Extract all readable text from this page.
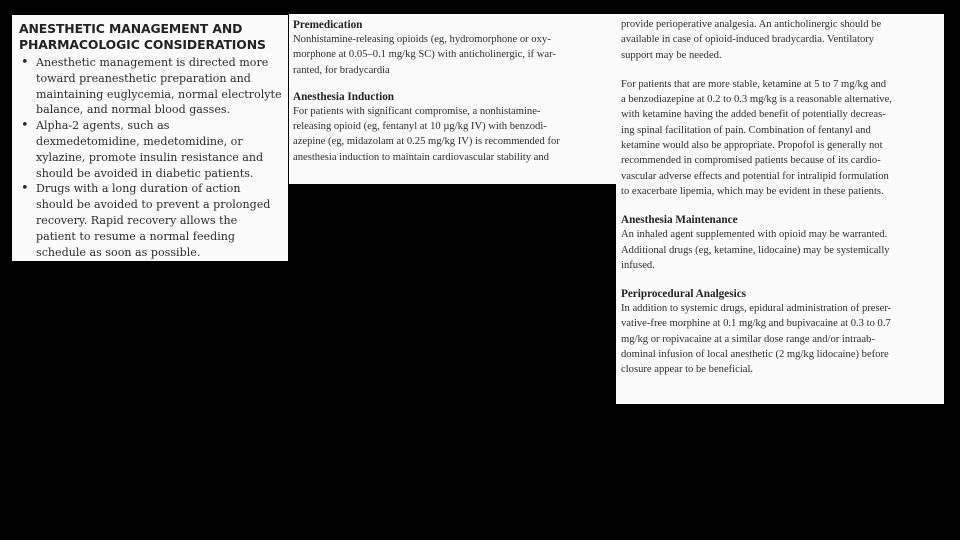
ANESTHETIC MANAGEMENT AND
PHARMACOLOGIC CONSIDERATIONS
• Anesthetic management is directed more
toward preanesthetic preparation and
maintaining euglycemia, normal electrolyte
balance, and normal blood gasses.
• Alpha-2 agents, such as
dexmedetomidine, medetomidine, or
xylazine, promote insulin resistance and
should be avoided in diabetic patients.
• Drugs with a long duration of action
should be avoided to prevent a prolonged
recovery. Rapid recovery allows the
patient to resume a normal feeding
schedule as soon as possible.
Premedication
Nonhistamine-releasing opioids (eg, hydromorphone or oxy-
morphone at 0.05–0.1 mg/kg SC) with anticholinergic, if war-
ranted, for bradycardia
Anesthesia Induction
For patients with significant compromise, a nonhistamine-
releasing opioid (eg, fentanyl at 10 µg/kg IV) with benzodi-
azepine (eg, midazolam at 0.25 mg/kg IV) is recommended for
anesthesia induction to maintain cardiovascular stability and
provide perioperative analgesia. An anticholinergic should be
available in case of opioid-induced bradycardia. Ventilatory
support may be needed.
For patients that are more stable, ketamine at 5 to 7 mg/kg and
a benzodiazepine at 0.2 to 0.3 mg/kg is a reasonable alternative,
with ketamine having the added benefit of potentially decreas-
ing spinal facilitation of pain. Combination of fentanyl and
ketamine would also be appropriate. Propofol is generally not
recommended in compromised patients because of its cardio-
vascular adverse effects and potential for intralipid formulation
to exacerbate lipemia, which may be evident in these patients.
Anesthesia Maintenance
An inhaled agent supplemented with opioid may be warranted.
Additional drugs (eg, ketamine, lidocaine) may be systemically
infused.
Periprocedural Analgesics
In addition to systemic drugs, epidural administration of preser-
vative-free morphine at 0.1 mg/kg and bupivacaine at 0.3 to 0.7
mg/kg or ropivacaine at a similar dose range and/or intraab-
dominal infusion of local anesthetic (2 mg/kg lidocaine) before
closure appear to be beneficial.
